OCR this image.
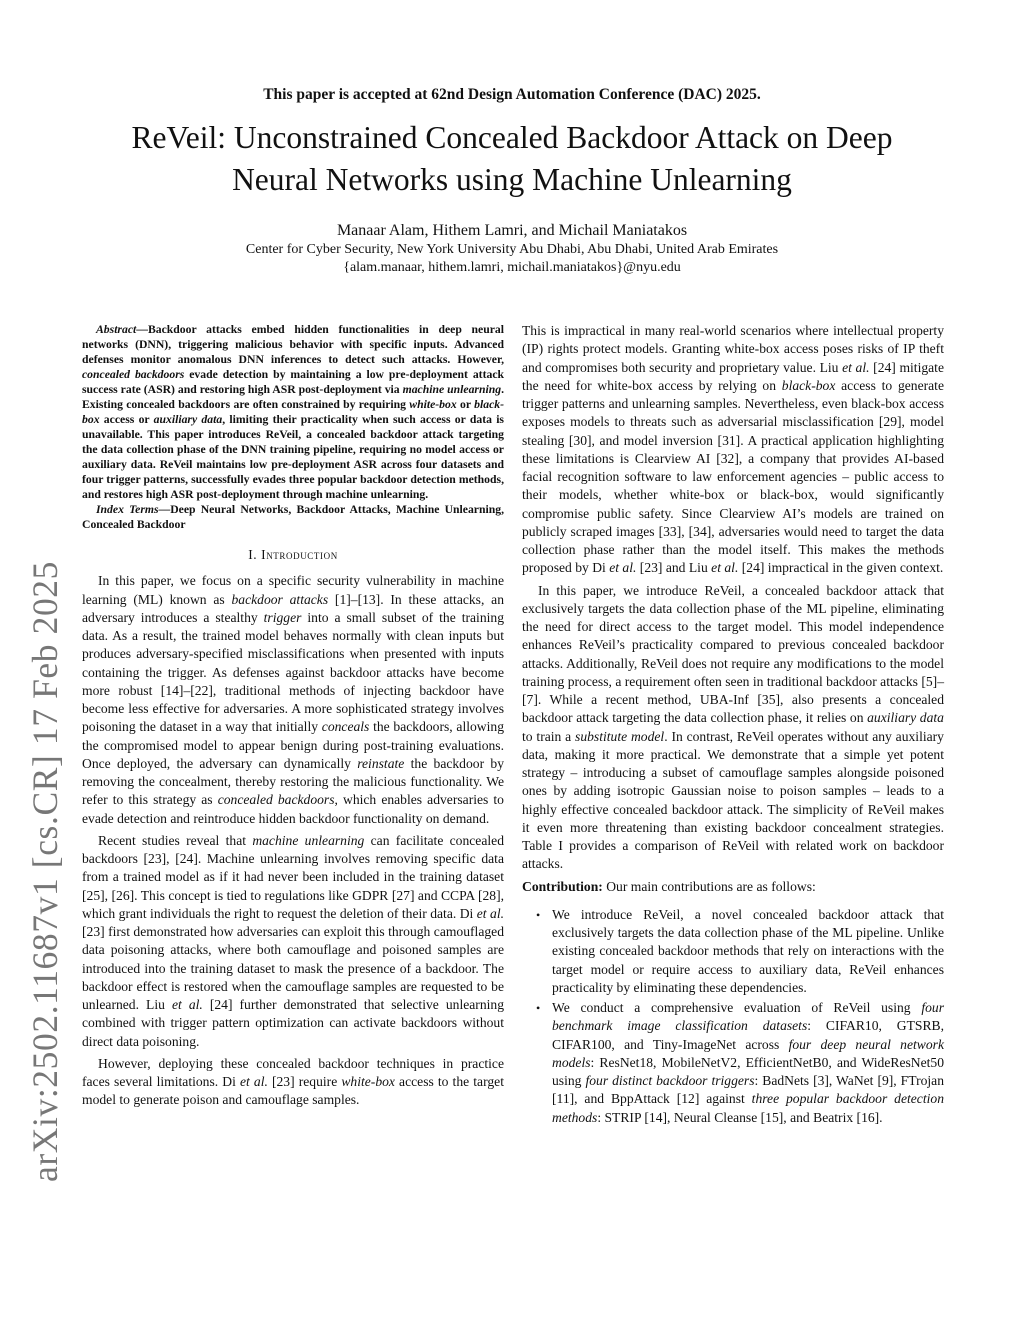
This paper is accepted at 62nd Design Automation Conference (DAC) 2025.
ReVeil: Unconstrained Concealed Backdoor Attack on Deep Neural Networks using Machine Unlearning
Manaar Alam, Hithem Lamri, and Michail Maniatakos
Center for Cyber Security, New York University Abu Dhabi, Abu Dhabi, United Arab Emirates
{alam.manaar, hithem.lamri, michail.maniatakos}@nyu.edu
arXiv:2502.11687v1 [cs.CR] 17 Feb 2025

Abstract—Backdoor attacks embed hidden functionalities in deep neural networks (DNN), triggering malicious behavior with specific inputs. Advanced defenses monitor anomalous DNN inferences to detect such attacks. However, concealed backdoors evade detection by maintaining a low pre-deployment attack success rate (ASR) and restoring high ASR post-deployment via machine unlearning. Existing concealed backdoors are often constrained by requiring white-box or black-box access or auxiliary data, limiting their practicality when such access or data is unavailable. This paper introduces ReVeil, a concealed backdoor attack targeting the data collection phase of the DNN training pipeline, requiring no model access or auxiliary data. ReVeil maintains low pre-deployment ASR across four datasets and four trigger patterns, successfully evades three popular backdoor detection methods, and restores high ASR post-deployment through machine unlearning.

Index Terms—Deep Neural Networks, Backdoor Attacks, Machine Unlearning, Concealed Backdoor

I. Introduction

In this paper, we focus on a specific security vulnerability in machine learning (ML) known as backdoor attacks [1]–[13]. In these attacks, an adversary introduces a stealthy trigger into a small subset of the training data. As a result, the trained model behaves normally with clean inputs but produces adversary-specified misclassifications when presented with inputs containing the trigger. As defenses against backdoor attacks have become more robust [14]–[22], traditional methods of injecting backdoor have become less effective for adversaries. A more sophisticated strategy involves poisoning the dataset in a way that initially conceals the backdoors, allowing the compromised model to appear benign during post-training evaluations. Once deployed, the adversary can dynamically reinstate the backdoor by removing the concealment, thereby restoring the malicious functionality. We refer to this strategy as concealed backdoors, which enables adversaries to evade detection and reintroduce hidden backdoor functionality on demand.

Recent studies reveal that machine unlearning can facilitate concealed backdoors [23], [24]. Machine unlearning involves removing specific data from a trained model as if it had never been included in the training dataset [25], [26]. This concept is tied to regulations like GDPR [27] and CCPA [28], which grant individuals the right to request the deletion of their data. Di et al. [23] first demonstrated how adversaries can exploit this through camouflaged data poisoning attacks, where both camouflage and poisoned samples are introduced into the training dataset to mask the presence of a backdoor. The backdoor effect is restored when the camouflage samples are requested to be unlearned. Liu et al. [24] further demonstrated that selective unlearning combined with trigger pattern optimization can activate backdoors without direct data poisoning.

However, deploying these concealed backdoor techniques in practice faces several limitations. Di et al. [23] require white-box access to the target model to generate poison and camouflage samples.

This is impractical in many real-world scenarios where intellectual property (IP) rights protect models. Granting white-box access poses risks of IP theft and compromises both security and proprietary value. Liu et al. [24] mitigate the need for white-box access by relying on black-box access to generate trigger patterns and unlearning samples. Nevertheless, even black-box access exposes models to threats such as adversarial misclassification [29], model stealing [30], and model inversion [31]. A practical application highlighting these limitations is Clearview AI [32], a company that provides AI-based facial recognition software to law enforcement agencies – public access to their models, whether white-box or black-box, would significantly compromise public safety. Since Clearview AI’s models are trained on publicly scraped images [33], [34], adversaries would need to target the data collection phase rather than the model itself. This makes the methods proposed by Di et al. [23] and Liu et al. [24] impractical in the given context.

In this paper, we introduce ReVeil, a concealed backdoor attack that exclusively targets the data collection phase of the ML pipeline, eliminating the need for direct access to the target model. This model independence enhances ReVeil’s practicality compared to previous concealed backdoor attacks. Additionally, ReVeil does not require any modifications to the model training process, a requirement often seen in traditional backdoor attacks [5]–[7]. While a recent method, UBA-Inf [35], also presents a concealed backdoor attack targeting the data collection phase, it relies on auxiliary data to train a substitute model. In contrast, ReVeil operates without any auxiliary data, making it more practical. We demonstrate that a simple yet potent strategy – introducing a subset of camouflage samples alongside poisoned ones by adding isotropic Gaussian noise to poison samples – leads to a highly effective concealed backdoor attack. The simplicity of ReVeil makes it even more threatening than existing backdoor concealment strategies. Table I provides a comparison of ReVeil with related work on backdoor attacks.

Contribution: Our main contributions are as follows:

• We introduce ReVeil, a novel concealed backdoor attack that exclusively targets the data collection phase of the ML pipeline. Unlike existing concealed backdoor methods that rely on interactions with the target model or require access to auxiliary data, ReVeil enhances practicality by eliminating these dependencies.
• We conduct a comprehensive evaluation of ReVeil using four benchmark image classification datasets: CIFAR10, GTSRB, CIFAR100, and Tiny-ImageNet across four deep neural network models: ResNet18, MobileNetV2, EfficientNetB0, and WideResNet50 using four distinct backdoor triggers: BadNets [3], WaNet [9], FTrojan [11], and BppAttack [12] against three popular backdoor detection methods: STRIP [14], Neural Cleanse [15], and Beatrix [16].
